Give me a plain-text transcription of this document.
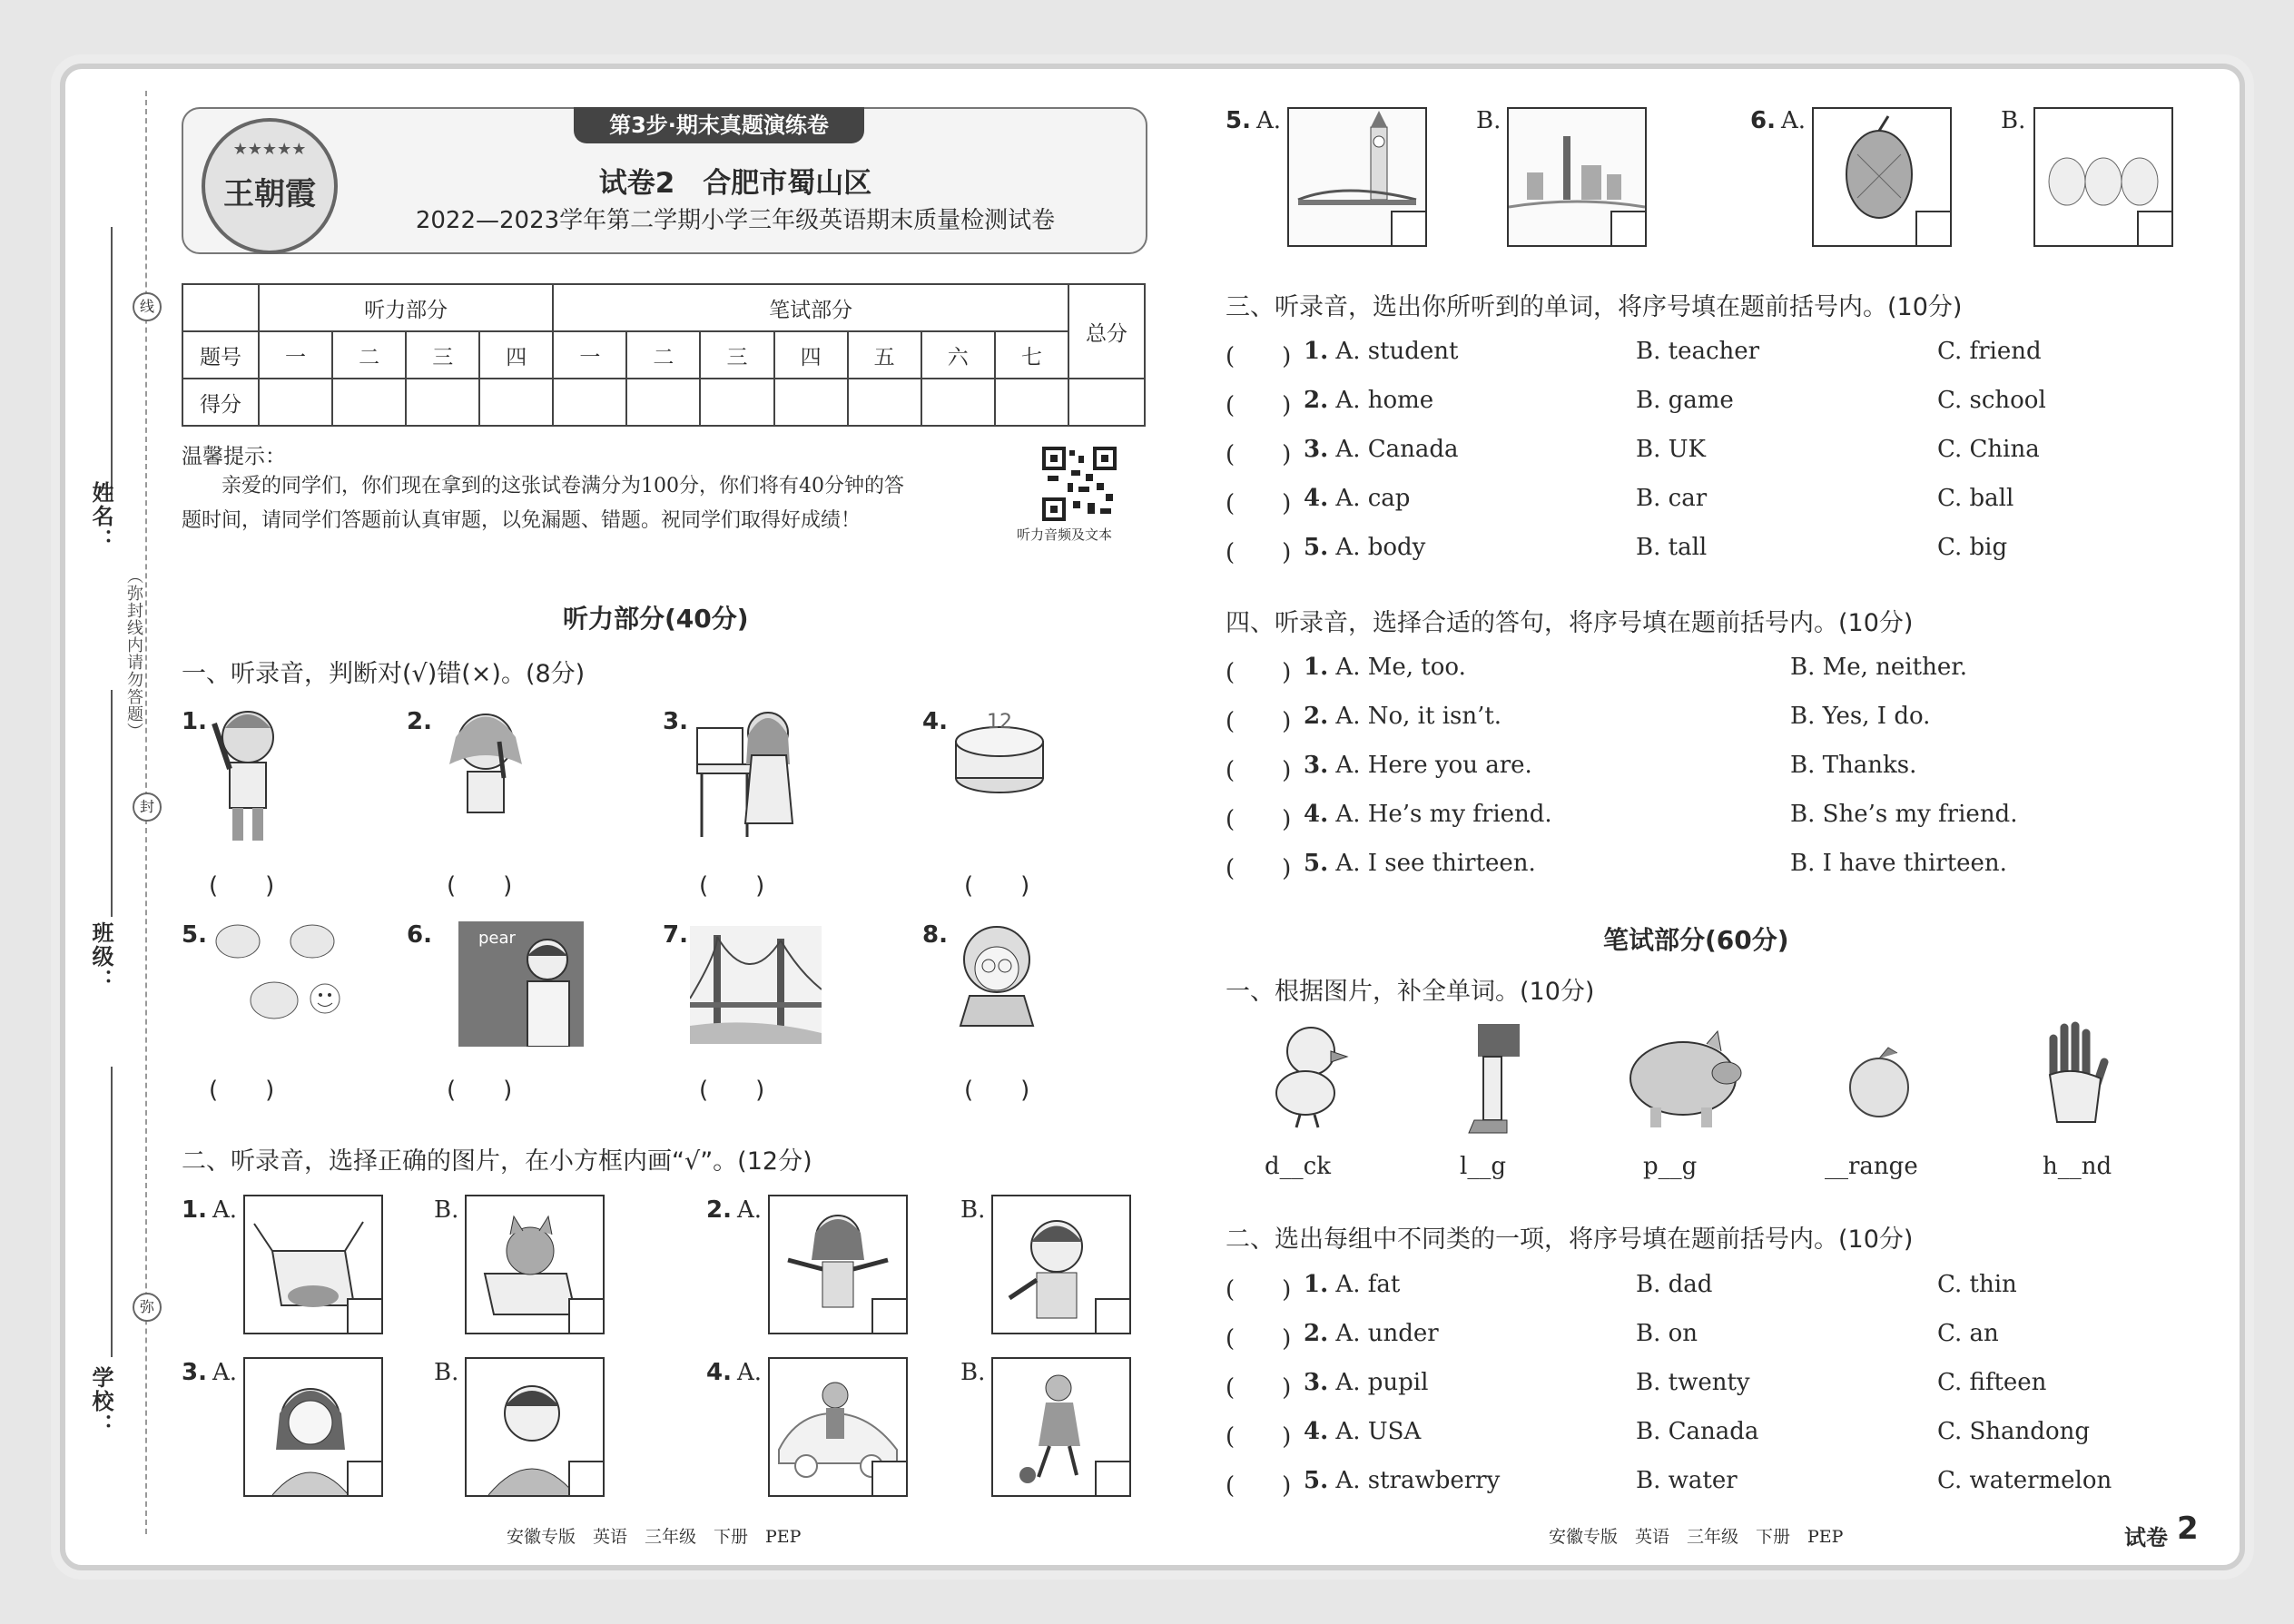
姓名：
班级：
学校：
线
封
弥
（弥封线内请勿答题）
第3步·期末真题演练卷
★★★★★
王朝霞	试卷2　合肥市蜀山区
2022—2023学年第二学期小学三年级英语期末质量检测试卷
	听力部分				笔试部分							总分
题号	一	二	三	四	一	二	三	四	五	六	七	
得分												
温馨提示：
亲爱的同学们，你们现在拿到的这张试卷满分为100分，你们将有40分钟的答
题时间，请同学们答题前认真审题，以免漏题、错题。祝同学们取得好成绩！
听力音频及文本
听力部分(40分)
一、听录音，判断对(√)错(×)。(8分)
1.	2.	3.	4.
5.	6.	7.	8.
12
pear
(　　)	(　　)	(　　)	(　　)
(　　)	(　　)	(　　)	(　　)
二、听录音，选择正确的图片，在小方框内画“√”。(12分)
1. A.	B.	2. A.	B.
3. A.	B.	4. A.	B.
5. A.	B.	6. A.	B.
三、听录音，选出你所听到的单词，将序号填在题前括号内。(10分)
(　　) 1. A. student	B. teacher	C. friend
(　　) 2. A. home	B. game	C. school
(　　) 3. A. Canada	B. UK	C. China
(　　) 4. A. cap	B. car	C. ball
(　　) 5. A. body	B. tall	C. big
四、听录音，选择合适的答句，将序号填在题前括号内。(10分)
(　　) 1. A. Me, too.	B. Me, neither.
(　　) 2. A. No, it isn’t.	B. Yes, I do.
(　　) 3. A. Here you are.	B. Thanks.
(　　) 4. A. He’s my friend.	B. She’s my friend.
(　　) 5. A. I see thirteen.	B. I have thirteen.
笔试部分(60分)
一、根据图片，补全单词。(10分)
d__ck	l__g	p__g	__range	h__nd
二、选出每组中不同类的一项，将序号填在题前括号内。(10分)
(　　) 1. A. fat	B. dad	C. thin
(　　) 2. A. under	B. on	C. an
(　　) 3. A. pupil	B. twenty	C. fifteen
(　　) 4. A. USA	B. Canada	C. Shandong
(　　) 5. A. strawberry	B. water	C. watermelon
安徽专版　英语　三年级　下册　PEP	安徽专版　英语　三年级　下册　PEP	试卷 2
